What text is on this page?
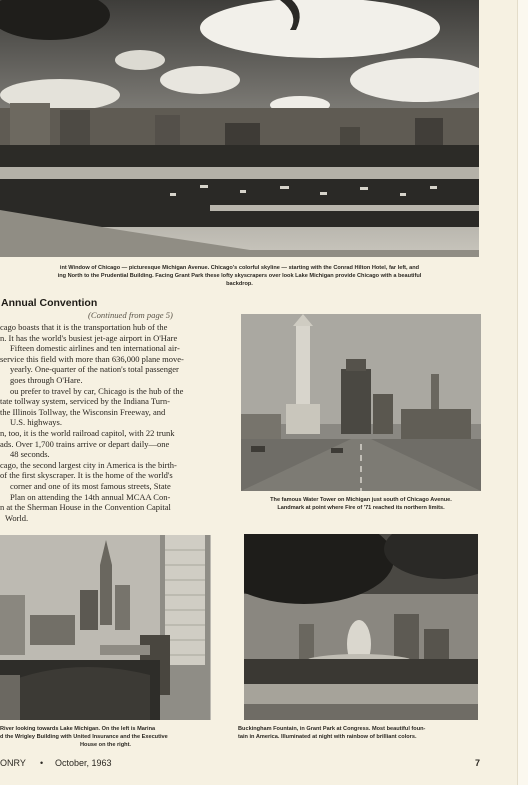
int Window of Chicago — picturesque Michigan Avenue. Chicago's colorful skyline — starting with the Conrad Hilton Hotel, far left, and
ing North to the Prudential Building. Facing Grant Park these lofty skyscrapers over look Lake Michigan provide Chicago with a beautiful
backdrop.
Annual Convention
(Continued from page 5)
cago boasts that it is the transportation hub of the
n. It has the world's busiest jet-age airport in O'Hare
Fifteen domestic airlines and ten international air-
service this field with more than 636,000 plane move-
yearly. One-quarter of the nation's total passenger
goes through O'Hare.
ou prefer to travel by car, Chicago is the hub of the
tate tollway system, serviced by the Indiana Turn-
the Illinois Tollway, the Wisconsin Freeway, and
U.S. highways.
n, too, it is the world railroad capitol, with 22 trunk
ads. Over 1,700 trains arrive or depart daily—one
48 seconds.
cago, the second largest city in America is the birth-
of the first skyscraper. It is the home of the world's
corner and one of its most famous streets, State
Plan on attending the 14th annual MCAA Con-
n at the Sherman House in the Convention Capital
World.
The famous Water Tower on Michigan just south of Chicago Avenue.
Landmark at point where Fire of '71 reached its northern limits.
River looking towards Lake Michigan. On the left is Marina
d the Wrigley Building with United Insurance and the Executive
House on the right.
Buckingham Fountain, in Grant Park at Congress. Most beautiful foun-
tain in America. Illuminated at night with rainbow of brilliant colors.
ONRY • October, 1963	7
